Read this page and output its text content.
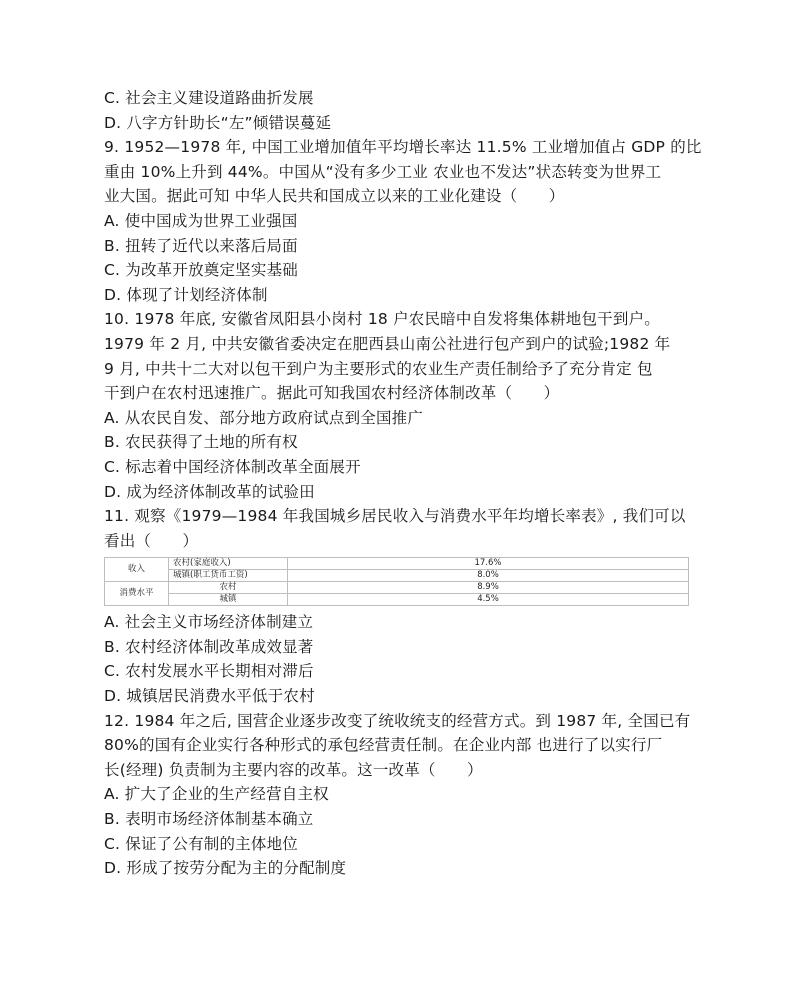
C. 社会主义建设道路曲折发展
D. 八字方针助长“左”倾错误蔓延
9. 1952—1978 年, 中国工业增加值年平均增长率达 11.5% 工业增加值占 GDP 的比
重由 10%上升到 44%。中国从“没有多少工业 农业也不发达”状态转变为世界工
业大国。据此可知 中华人民共和国成立以来的工业化建设（　　）
A. 使中国成为世界工业强国
B. 扭转了近代以来落后局面
C. 为改革开放奠定坚实基础
D. 体现了计划经济体制
10. 1978 年底, 安徽省凤阳县小岗村 18 户农民暗中自发将集体耕地包干到户。
1979 年 2 月, 中共安徽省委决定在肥西县山南公社进行包产到户的试验;1982 年
9 月, 中共十二大对以包干到户为主要形式的农业生产责任制给予了充分肯定 包
干到户在农村迅速推广。据此可知我国农村经济体制改革（　　）
A. 从农民自发、部分地方政府试点到全国推广
B. 农民获得了土地的所有权
C. 标志着中国经济体制改革全面展开
D. 成为经济体制改革的试验田
11. 观察《1979—1984 年我国城乡居民收入与消费水平年均增长率表》, 我们可以
看出（　　）
收入	农村(家庭收入)	17.6%
	城镇(职工货币工资)	8.0%
消费水平	农村	8.9%
	城镇	4.5%
A. 社会主义市场经济体制建立
B. 农村经济体制改革成效显著
C. 农村发展水平长期相对滞后
D. 城镇居民消费水平低于农村
12. 1984 年之后, 国营企业逐步改变了统收统支的经营方式。到 1987 年, 全国已有
80%的国有企业实行各种形式的承包经营责任制。在企业内部 也进行了以实行厂
长(经理) 负责制为主要内容的改革。这一改革（　　）
A. 扩大了企业的生产经营自主权
B. 表明市场经济体制基本确立
C. 保证了公有制的主体地位
D. 形成了按劳分配为主的分配制度
